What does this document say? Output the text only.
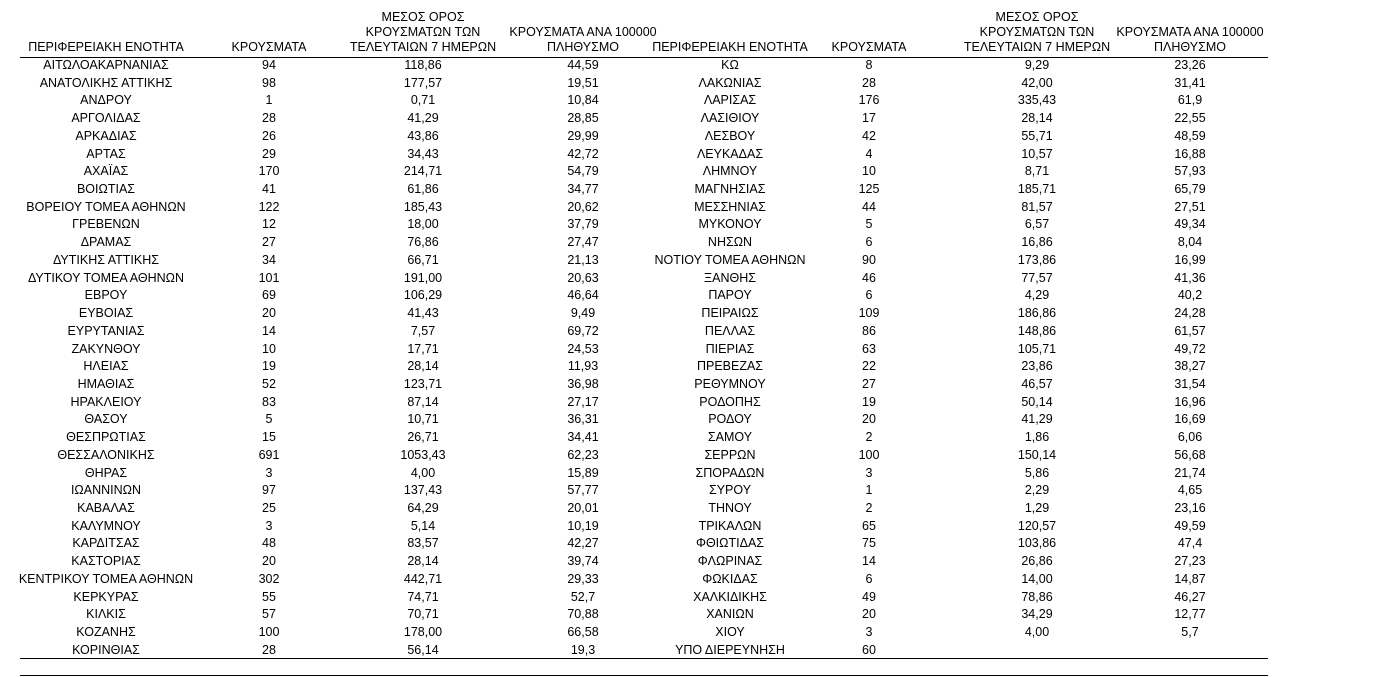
ΠΕΡΙΦΕΡΕΙΑΚΗ ΕΝΟΤΗΤΑ	ΚΡΟΥΣΜΑΤΑ
ΜΕΣΟΣ ΟΡΟΣ
ΚΡΟΥΣΜΑΤΩΝ ΤΩΝ
ΤΕΛΕΥΤΑΙΩΝ 7 ΗΜΕΡΩΝ
ΚΡΟΥΣΜΑΤΑ ΑΝΑ 100000
ΠΛΗΘΥΣΜΟ
ΑΙΤΩΛΟΑΚΑΡΝΑΝΙΑΣ	94	118,86	44,59
ΑΝΑΤΟΛΙΚΗΣ ΑΤΤΙΚΗΣ	98	177,57	19,51
ΑΝΔΡΟΥ	1	0,71	10,84
ΑΡΓΟΛΙΔΑΣ	28	41,29	28,85
ΑΡΚΑΔΙΑΣ	26	43,86	29,99
ΑΡΤΑΣ	29	34,43	42,72
ΑΧΑΪΑΣ	170	214,71	54,79
ΒΟΙΩΤΙΑΣ	41	61,86	34,77
ΒΟΡΕΙΟΥ ΤΟΜΕΑ ΑΘΗΝΩΝ	122	185,43	20,62
ΓΡΕΒΕΝΩΝ	12	18,00	37,79
ΔΡΑΜΑΣ	27	76,86	27,47
ΔΥΤΙΚΗΣ ΑΤΤΙΚΗΣ	34	66,71	21,13
ΔΥΤΙΚΟΥ ΤΟΜΕΑ ΑΘΗΝΩΝ	101	191,00	20,63
ΕΒΡΟΥ	69	106,29	46,64
ΕΥΒΟΙΑΣ	20	41,43	9,49
ΕΥΡΥΤΑΝΙΑΣ	14	7,57	69,72
ΖΑΚΥΝΘΟΥ	10	17,71	24,53
ΗΛΕΙΑΣ	19	28,14	11,93
ΗΜΑΘΙΑΣ	52	123,71	36,98
ΗΡΑΚΛΕΙΟΥ	83	87,14	27,17
ΘΑΣΟΥ	5	10,71	36,31
ΘΕΣΠΡΩΤΙΑΣ	15	26,71	34,41
ΘΕΣΣΑΛΟΝΙΚΗΣ	691	1053,43	62,23
ΘΗΡΑΣ	3	4,00	15,89
ΙΩΑΝΝΙΝΩΝ	97	137,43	57,77
ΚΑΒΑΛΑΣ	25	64,29	20,01
ΚΑΛΥΜΝΟΥ	3	5,14	10,19
ΚΑΡΔΙΤΣΑΣ	48	83,57	42,27
ΚΑΣΤΟΡΙΑΣ	20	28,14	39,74
ΚΕΝΤΡΙΚΟΥ ΤΟΜΕΑ ΑΘΗΝΩΝ	302	442,71	29,33
ΚΕΡΚΥΡΑΣ	55	74,71	52,7
ΚΙΛΚΙΣ	57	70,71	70,88
ΚΟΖΑΝΗΣ	100	178,00	66,58
ΚΟΡΙΝΘΙΑΣ	28	56,14	19,3
ΠΕΡΙΦΕΡΕΙΑΚΗ ΕΝΟΤΗΤΑ	ΚΡΟΥΣΜΑΤΑ
ΜΕΣΟΣ ΟΡΟΣ
ΚΡΟΥΣΜΑΤΩΝ ΤΩΝ
ΤΕΛΕΥΤΑΙΩΝ 7 ΗΜΕΡΩΝ
ΚΡΟΥΣΜΑΤΑ ΑΝΑ 100000
ΠΛΗΘΥΣΜΟ
ΚΩ	8	9,29	23,26
ΛΑΚΩΝΙΑΣ	28	42,00	31,41
ΛΑΡΙΣΑΣ	176	335,43	61,9
ΛΑΣΙΘΙΟΥ	17	28,14	22,55
ΛΕΣΒΟΥ	42	55,71	48,59
ΛΕΥΚΑΔΑΣ	4	10,57	16,88
ΛΗΜΝΟΥ	10	8,71	57,93
ΜΑΓΝΗΣΙΑΣ	125	185,71	65,79
ΜΕΣΣΗΝΙΑΣ	44	81,57	27,51
ΜΥΚΟΝΟΥ	5	6,57	49,34
ΝΗΣΩΝ	6	16,86	8,04
ΝΟΤΙΟΥ ΤΟΜΕΑ ΑΘΗΝΩΝ	90	173,86	16,99
ΞΑΝΘΗΣ	46	77,57	41,36
ΠΑΡΟΥ	6	4,29	40,2
ΠΕΙΡΑΙΩΣ	109	186,86	24,28
ΠΕΛΛΑΣ	86	148,86	61,57
ΠΙΕΡΙΑΣ	63	105,71	49,72
ΠΡΕΒΕΖΑΣ	22	23,86	38,27
ΡΕΘΥΜΝΟΥ	27	46,57	31,54
ΡΟΔΟΠΗΣ	19	50,14	16,96
ΡΟΔΟΥ	20	41,29	16,69
ΣΑΜΟΥ	2	1,86	6,06
ΣΕΡΡΩΝ	100	150,14	56,68
ΣΠΟΡΑΔΩΝ	3	5,86	21,74
ΣΥΡΟΥ	1	2,29	4,65
ΤΗΝΟΥ	2	1,29	23,16
ΤΡΙΚΑΛΩΝ	65	120,57	49,59
ΦΘΙΩΤΙΔΑΣ	75	103,86	47,4
ΦΛΩΡΙΝΑΣ	14	26,86	27,23
ΦΩΚΙΔΑΣ	6	14,00	14,87
ΧΑΛΚΙΔΙΚΗΣ	49	78,86	46,27
ΧΑΝΙΩΝ	20	34,29	12,77
ΧΙΟΥ	3	4,00	5,7
ΥΠΟ ΔΙΕΡΕΥΝΗΣΗ	60
